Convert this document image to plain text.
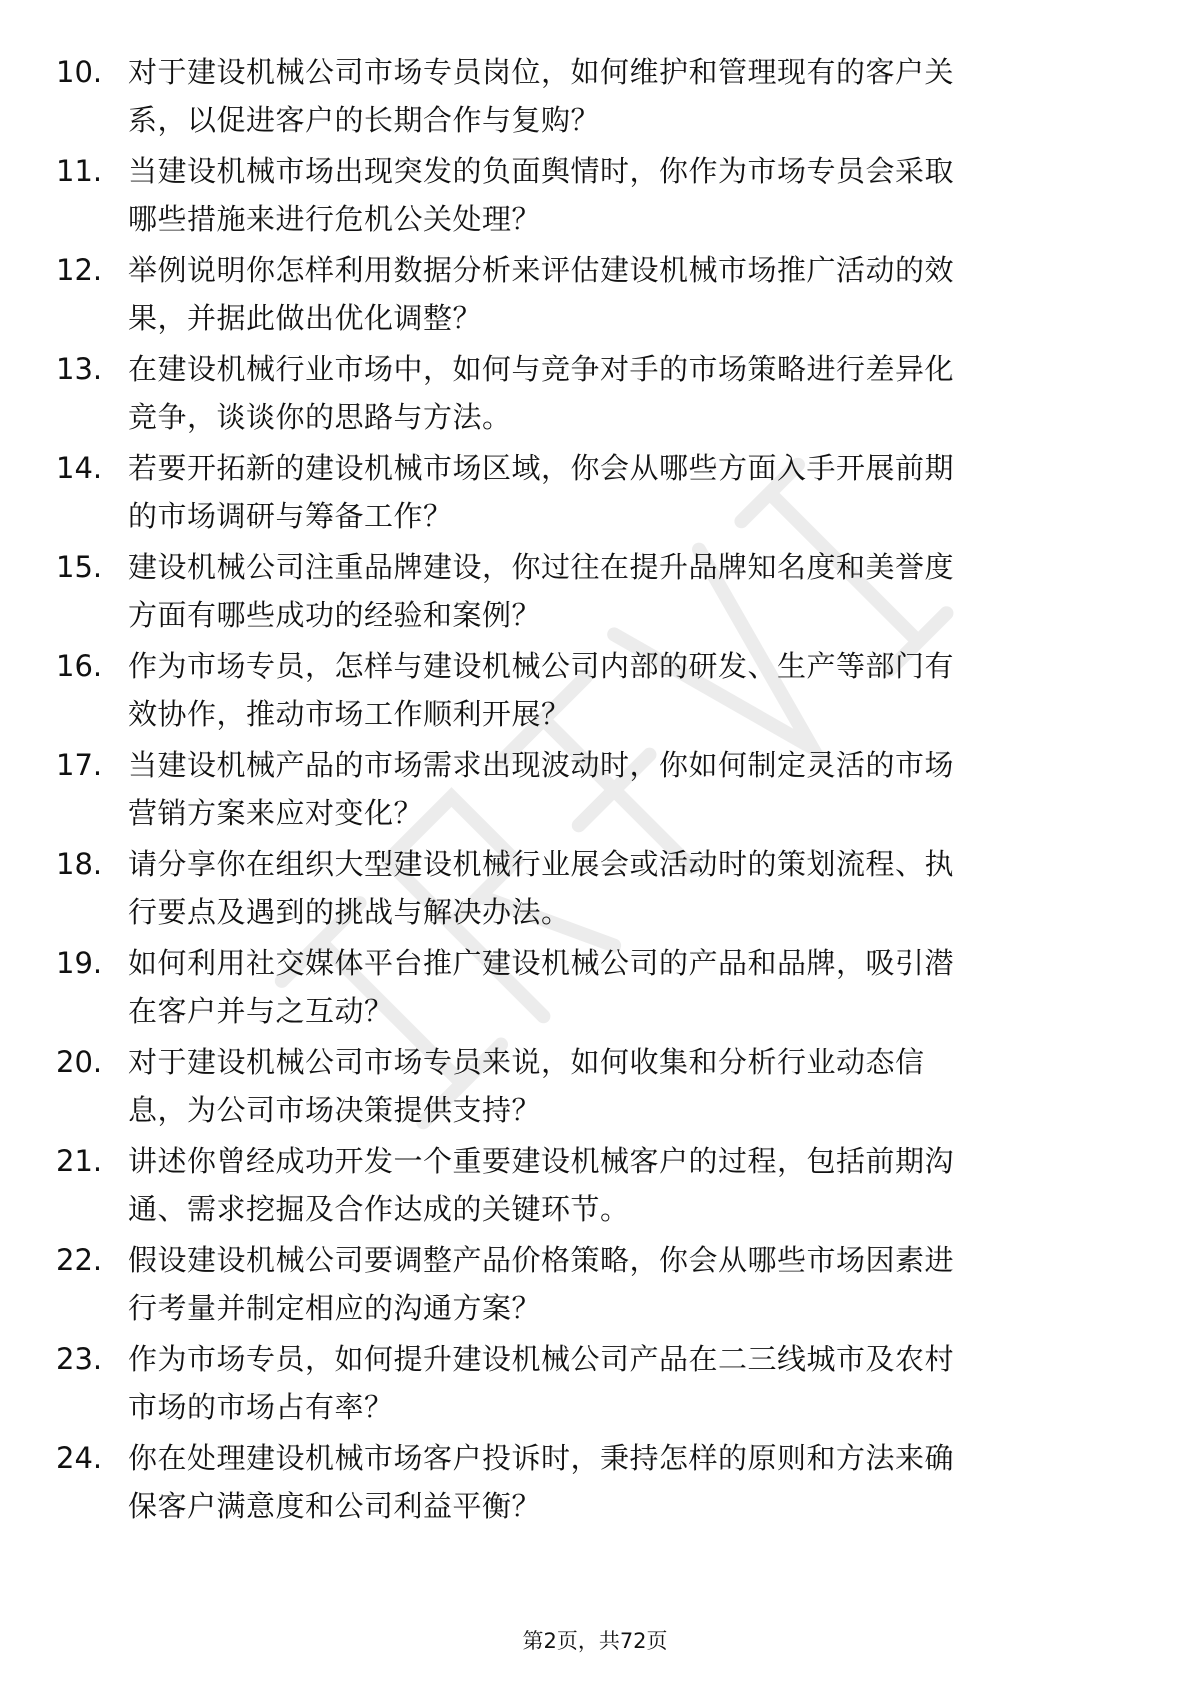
10. 对于建设机械公司市场专员岗位，如何维护和管理现有的客户关
系，以促进客户的长期合作与复购？
11. 当建设机械市场出现突发的负面舆情时，你作为市场专员会采取
哪些措施来进行危机公关处理？
12. 举例说明你怎样利用数据分析来评估建设机械市场推广活动的效
果，并据此做出优化调整？
13. 在建设机械行业市场中，如何与竞争对手的市场策略进行差异化
竞争，谈谈你的思路与方法。
14. 若要开拓新的建设机械市场区域，你会从哪些方面入手开展前期
的市场调研与筹备工作？
15. 建设机械公司注重品牌建设，你过往在提升品牌知名度和美誉度
方面有哪些成功的经验和案例？
16. 作为市场专员，怎样与建设机械公司内部的研发、生产等部门有
效协作，推动市场工作顺利开展？
17. 当建设机械产品的市场需求出现波动时，你如何制定灵活的市场
营销方案来应对变化？
18. 请分享你在组织大型建设机械行业展会或活动时的策划流程、执
行要点及遇到的挑战与解决办法。
19. 如何利用社交媒体平台推广建设机械公司的产品和品牌，吸引潜
在客户并与之互动？
20. 对于建设机械公司市场专员来说，如何收集和分析行业动态信
息，为公司市场决策提供支持？
21. 讲述你曾经成功开发一个重要建设机械客户的过程，包括前期沟
通、需求挖掘及合作达成的关键环节。
22. 假设建设机械公司要调整产品价格策略，你会从哪些市场因素进
行考量并制定相应的沟通方案？
23. 作为市场专员，如何提升建设机械公司产品在二三线城市及农村
市场的市场占有率？
24. 你在处理建设机械市场客户投诉时，秉持怎样的原则和方法来确
保客户满意度和公司利益平衡？
第2页，共72页
